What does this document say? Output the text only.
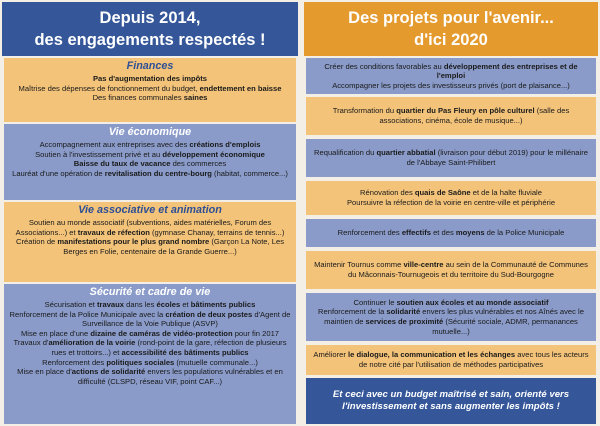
Depuis 2014,
des engagements respectés !
Finances
Pas d'augmentation des impôts
Maîtrise des dépenses de fonctionnement du budget, endettement en baisse
Des finances communales saines
Vie économique
Accompagnement aux entreprises avec des créations d'emplois
Soutien à l'investissement privé et au développement économique
Baisse du taux de vacance des commerces
Lauréat d'une opération de revitalisation du centre-bourg (habitat, commerce...)
Vie associative et animation
Soutien au monde associatif (subventions, aides matérielles, Forum des Associations...) et travaux de réfection (gymnase Chanay, terrains de tennis...)
Création de manifestations pour le plus grand nombre (Garçon La Note, Les Berges en Folie, centenaire de la Grande Guerre...)
Sécurité et cadre de vie
Sécurisation et travaux dans les écoles et bâtiments publics
Renforcement de la Police Municipale avec la création de deux postes d'Agent de Surveillance de la Voie Publique (ASVP)
Mise en place d'une dizaine de caméras de vidéo-protection pour fin 2017
Travaux d'amélioration de la voirie (rond-point de la gare, réfection de plusieurs rues et trottoirs...) et accessibilité des bâtiments publics
Renforcement des politiques sociales (mutuelle communale...)
Mise en place d'actions de solidarité envers les populations vulnérables et en difficulté (CLSPD, réseau VIF, point CAF...)
Des projets pour l'avenir...
d'ici 2020
Créer des conditions favorables au développement des entreprises et de l'emploi
Accompagner les projets des investisseurs privés (port de plaisance...)
Transformation du quartier du Pas Fleury en pôle culturel (salle des associations, cinéma, école de musique...)
Requalification du quartier abbatial (livraison pour début 2019) pour le millénaire de l'Abbaye Saint-Philibert
Rénovation des quais de Saône et de la halte fluviale
Poursuivre la réfection de la voirie en centre-ville et périphérie
Renforcement des effectifs et des moyens de la Police Municipale
Maintenir Tournus comme ville-centre au sein de la Communauté de Communes du Mâconnais-Tournugeois et du territoire du Sud-Bourgogne
Continuer le soutien aux écoles et au monde associatif
Renforcement de la solidarité envers les plus vulnérables et nos Aînés avec le maintien de services de proximité (Sécurité sociale, ADMR, permanances mutuelle...)
Améliorer le dialogue, la communication et les échanges avec tous les acteurs de notre cité par l'utilisation de méthodes participatives
Et ceci avec un budget maîtrisé et sain, orienté vers
l'investissement et sans augmenter les impôts !
